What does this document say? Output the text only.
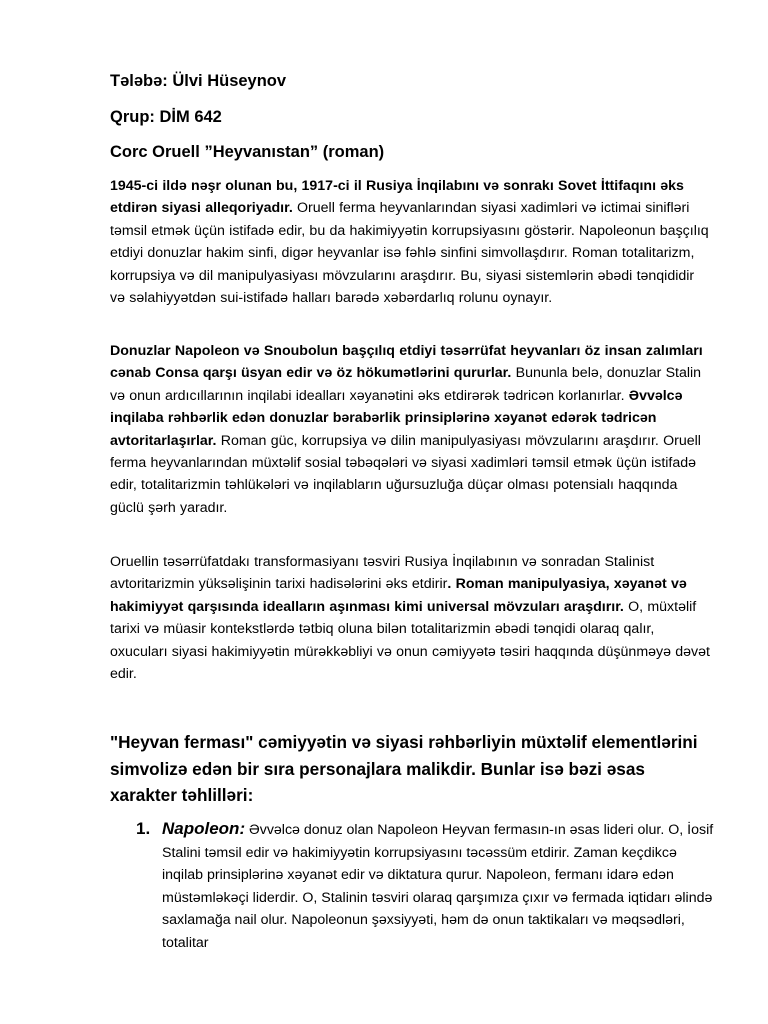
Tələbə: Ülvi Hüseynov

Qrup: DİM 642

Corc Oruell ”Heyvanıstan” (roman)

1945-ci ildə nəşr olunan bu, 1917-ci il Rusiya İnqilabını və sonrakı Sovet İttifaqını əks etdirən siyasi alleqoriyadır. Oruell ferma heyvanlarından siyasi xadimləri və ictimai sinifləri təmsil etmək üçün istifadə edir, bu da hakimiyyətin korrupsiyasını göstərir. Napoleonun başçılıq etdiyi donuzlar hakim sinfi, digər heyvanlar isə fəhlə sinfini simvollaşdırır. Roman totalitarizm, korrupsiya və dil manipulyasiyası mövzularını araşdırır. Bu, siyasi sistemlərin əbədi tənqididir və səlahiyyətdən sui-istifadə halları barədə xəbərdarlıq rolunu oynayır.

Donuzlar Napoleon və Snoubolun başçılıq etdiyi təsərrüfat heyvanları öz insan zalımları cənab Consa qarşı üsyan edir və öz hökumətlərini qururlar. Bununla belə, donuzlar Stalin və onun ardıcıllarının inqilabi idealları xəyanətini əks etdirərək tədricən korlanırlar. Əvvəlcə inqilaba rəhbərlik edən donuzlar bərabərlik prinsiplərinə xəyanət edərək tədricən avtoritarlaşırlar. Roman güc, korrupsiya və dilin manipulyasiyası mövzularını araşdırır. Oruell ferma heyvanlarından müxtəlif sosial təbəqələri və siyasi xadimləri təmsil etmək üçün istifadə edir, totalitarizmin təhlükələri və inqilabların uğursuzluğa düçar olması potensialı haqqında güclü şərh yaradır.

Oruellin təsərrüfatdakı transformasiyanı təsviri Rusiya İnqilabının və sonradan Stalinist avtoritarizmin yüksəlişinin tarixi hadisələrini əks etdirir. Roman manipulyasiya, xəyanət və hakimiyyət qarşısında idealların aşınması kimi universal mövzuları araşdırır. O, müxtəlif tarixi və müasir kontekstlərdə tətbiq oluna bilən totalitarizmin əbədi tənqidi olaraq qalır, oxucuları siyasi hakimiyyətin mürəkkəbliyi və onun cəmiyyətə təsiri haqqında düşünməyə dəvət edir.

"Heyvan ferması" cəmiyyətin və siyasi rəhbərliyin müxtəlif elementlərini simvolizə edən bir sıra personajlara malikdir. Bunlar isə bəzi əsas xarakter təhlilləri:

1. Napoleon: Əvvəlcə donuz olan Napoleon Heyvan fermasın-ın əsas lideri olur. O, İosif Stalini təmsil edir və hakimiyyətin korrupsiyasını təcəssüm etdirir. Zaman keçdikcə inqilab prinsiplərinə xəyanət edir və diktatura qurur. Napoleon, fermanı idarə edən müstəmləkəçi liderdir. O, Stalinin təsviri olaraq qarşımıza çıxır və fermada iqtidarı əlində saxlamağa nail olur. Napoleonun şəxsiyyəti, həm də onun taktikaları və məqsədləri, totalitar
